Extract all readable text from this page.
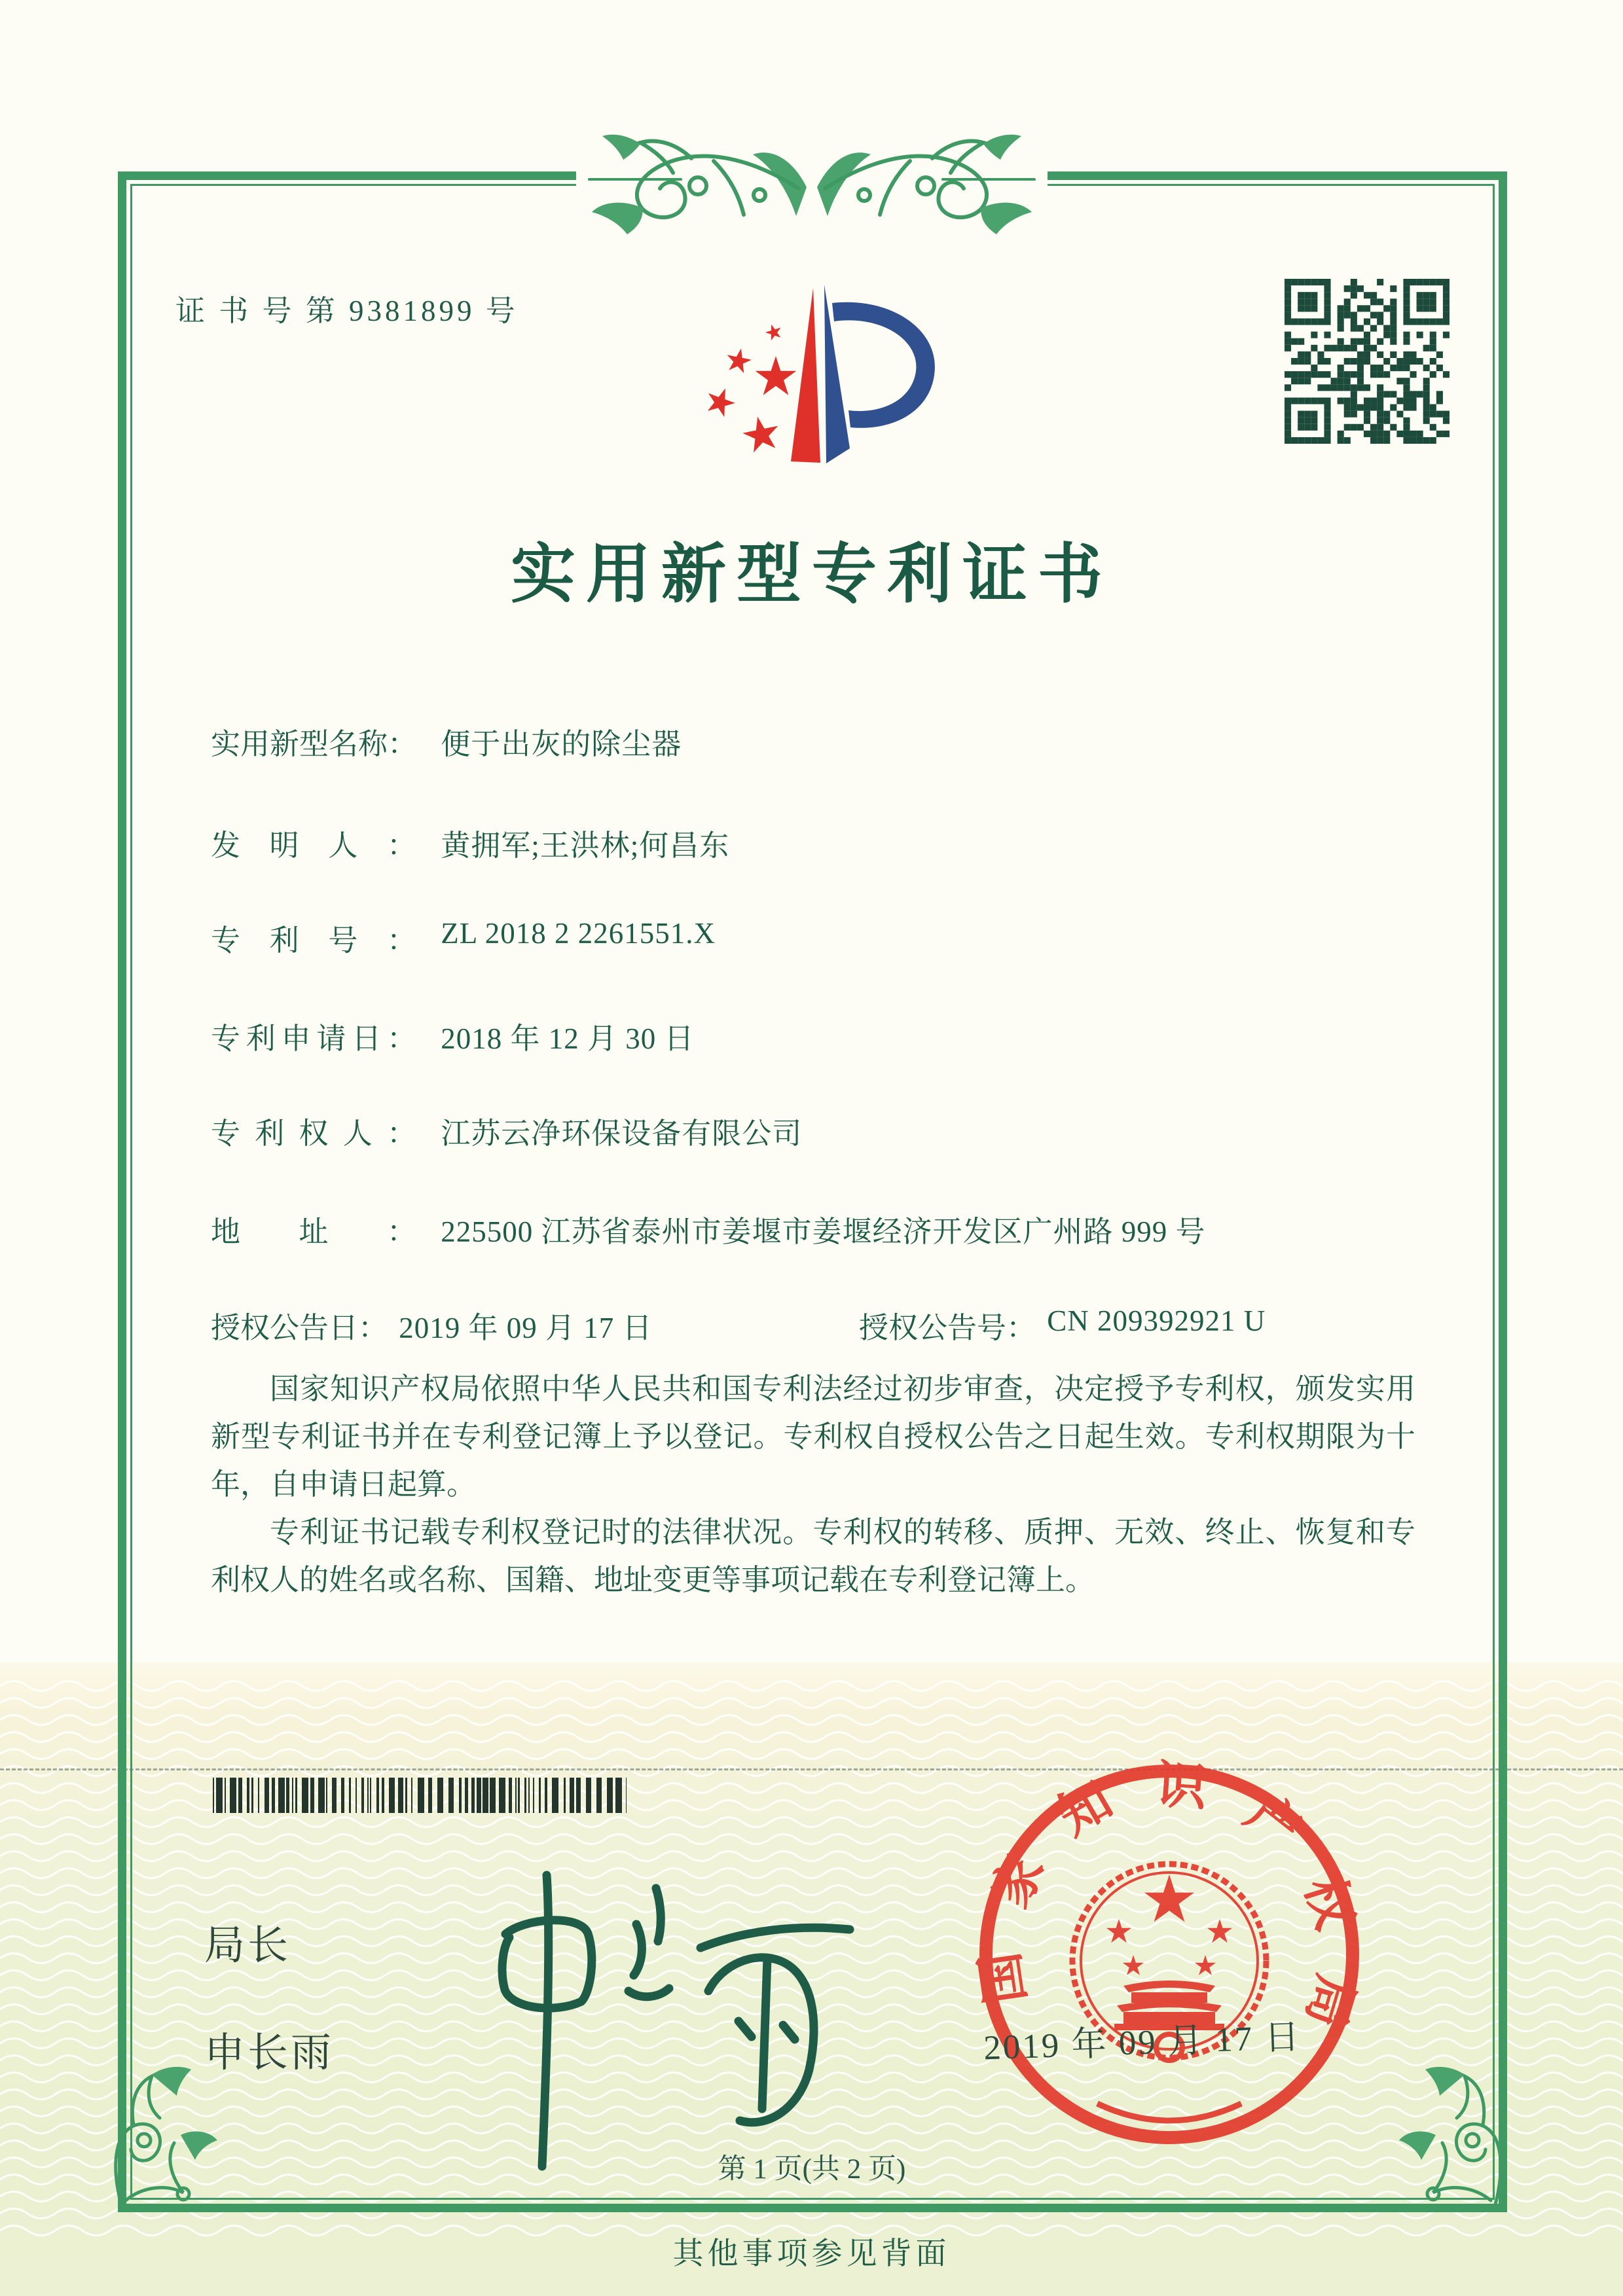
证 书 号 第 9381899 号
实用新型专利证书
实用新型名称： 便于出灰的除尘器
发明人： 黄拥军;王洪林;何昌东
专利号： ZL 2018 2 2261551.X
专利申请日： 2018 年 12 月 30 日
专利权人： 江苏云净环保设备有限公司
地址： 225500 江苏省泰州市姜堰市姜堰经济开发区广州路 999 号
授权公告日： 2019 年 09 月 17 日	授权公告号： CN 209392921 U

国家知识产权局依照中华人民共和国专利法经过初步审查，决定授予专利权，颁发实用新型专利证书并在专利登记簿上予以登记。专利权自授权公告之日起生效。专利权期限为十年，自申请日起算。

专利证书记载专利权登记时的法律状况。专利权的转移、质押、无效、终止、恢复和专利权人的姓名或名称、国籍、地址变更等事项记载在专利登记簿上。

局长
申长雨
国家知识产权局
2019 年 09 月 17 日
第 1 页(共 2 页)
其他事项参见背面
